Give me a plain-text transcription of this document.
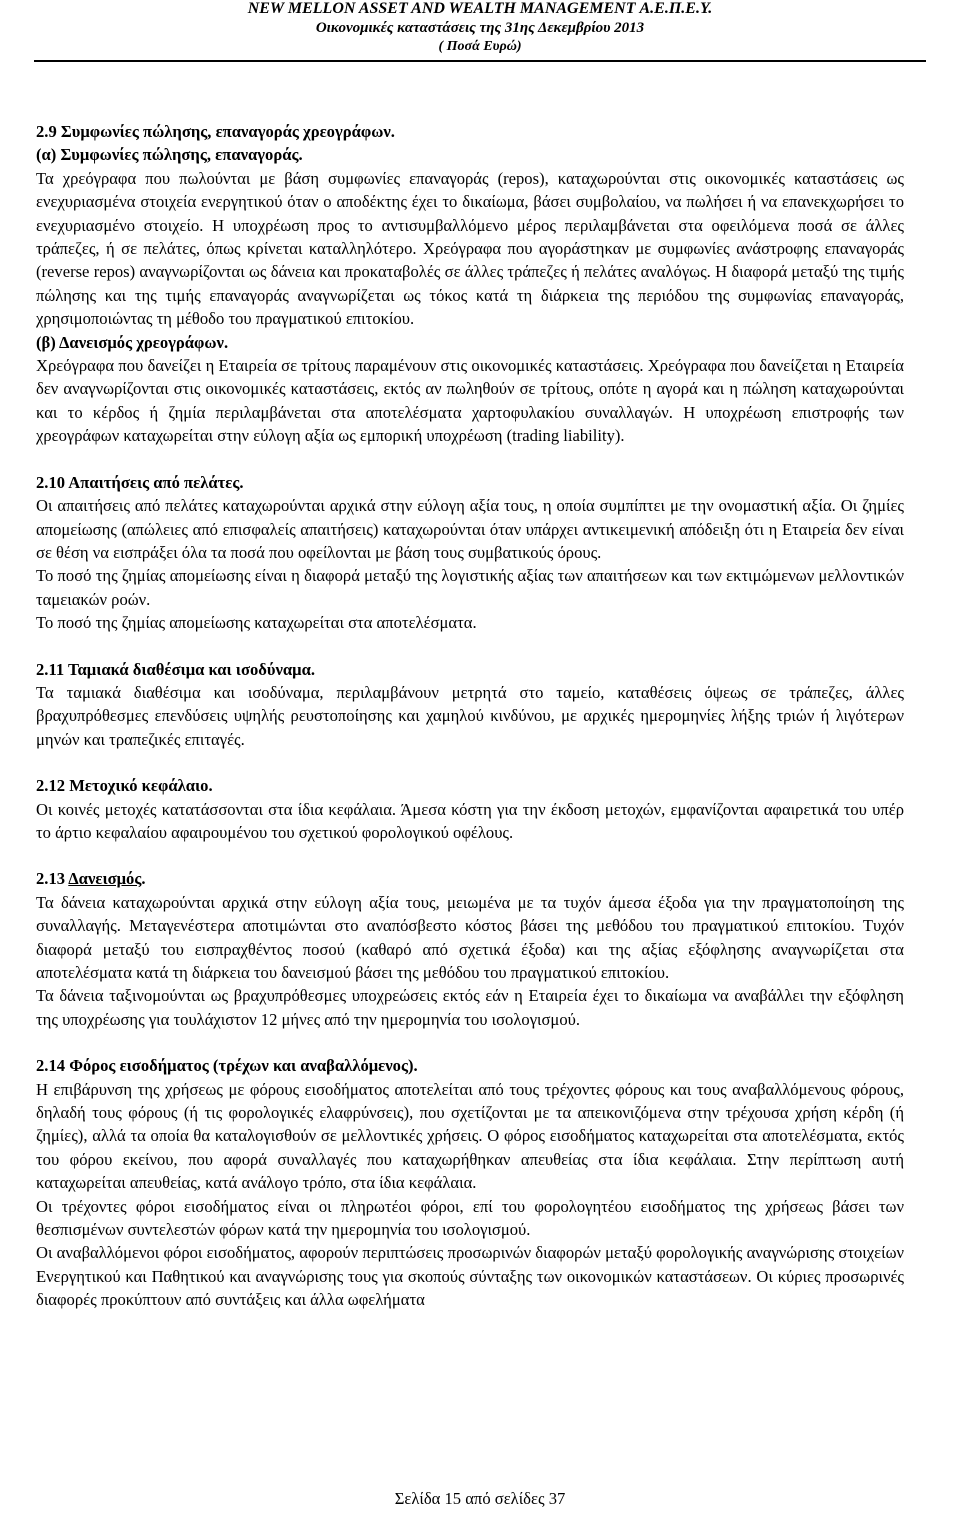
NEW MELLON ASSET AND WEALTH MANAGEMENT Α.Ε.Π.Ε.Υ.
Οικονομικές καταστάσεις της 31ης Δεκεμβρίου 2013
( Ποσά Ευρώ)

2.9 Συμφωνίες πώλησης, επαναγοράς χρεογράφων.

(α) Συμφωνίες πώλησης, επαναγοράς.

Τα χρεόγραφα που πωλούνται με βάση συμφωνίες επαναγοράς (repos), καταχωρούνται στις οικονομικές καταστάσεις ως ενεχυριασμένα στοιχεία ενεργητικού όταν ο αποδέκτης έχει το δικαίωμα, βάσει συμβολαίου, να πωλήσει ή να επανεκχωρήσει το ενεχυριασμένο στοιχείο. Η υποχρέωση προς το αντισυμβαλλόμενο μέρος περιλαμβάνεται στα οφειλόμενα ποσά σε άλλες τράπεζες, ή σε πελάτες, όπως κρίνεται καταλληλότερο. Χρεόγραφα που αγοράστηκαν με συμφωνίες ανάστροφης επαναγοράς (reverse repos) αναγνωρίζονται ως δάνεια και προκαταβολές σε άλλες τράπεζες ή πελάτες αναλόγως. Η διαφορά μεταξύ της τιμής πώλησης και της τιμής επαναγοράς αναγνωρίζεται ως τόκος κατά τη διάρκεια της περιόδου της συμφωνίας επαναγοράς, χρησιμοποιώντας τη μέθοδο του πραγματικού επιτοκίου.

(β) Δανεισμός χρεογράφων.

Χρεόγραφα που δανείζει η Εταιρεία σε τρίτους παραμένουν στις οικονομικές καταστάσεις. Χρεόγραφα που δανείζεται η Εταιρεία δεν αναγνωρίζονται στις οικονομικές καταστάσεις, εκτός αν πωληθούν σε τρίτους, οπότε η αγορά και η πώληση καταχωρούνται και το κέρδος ή ζημία περιλαμβάνεται στα αποτελέσματα χαρτοφυλακίου συναλλαγών. Η υποχρέωση επιστροφής των χρεογράφων καταχωρείται στην εύλογη αξία ως εμπορική υποχρέωση (trading liability).

2.10 Απαιτήσεις από πελάτες.

Οι απαιτήσεις από πελάτες καταχωρούνται αρχικά στην εύλογη αξία τους, η οποία συμπίπτει με την ονομαστική αξία. Οι ζημίες απομείωσης (απώλειες από επισφαλείς απαιτήσεις) καταχωρούνται όταν υπάρχει αντικειμενική απόδειξη ότι η Εταιρεία δεν είναι σε θέση να εισπράξει όλα τα ποσά που οφείλονται με βάση τους συμβατικούς όρους.

Το ποσό της ζημίας απομείωσης είναι η διαφορά μεταξύ της λογιστικής αξίας των απαιτήσεων και των εκτιμώμενων μελλοντικών ταμειακών ροών.

Το ποσό της ζημίας απομείωσης καταχωρείται στα αποτελέσματα.

2.11 Ταμιακά διαθέσιμα και ισοδύναμα.

Τα ταμιακά διαθέσιμα και ισοδύναμα, περιλαμβάνουν μετρητά στο ταμείο, καταθέσεις όψεως σε τράπεζες, άλλες βραχυπρόθεσμες επενδύσεις υψηλής ρευστοποίησης και χαμηλού κινδύνου, με αρχικές ημερομηνίες λήξης τριών ή λιγότερων μηνών και τραπεζικές επιταγές.

2.12 Μετοχικό κεφάλαιο.

Οι κοινές μετοχές κατατάσσονται στα ίδια κεφάλαια. Άμεσα κόστη για την έκδοση μετοχών, εμφανίζονται αφαιρετικά του υπέρ το άρτιο κεφαλαίου αφαιρουμένου του σχετικού φορολογικού οφέλους.

2.13 Δανεισμός.

Τα δάνεια καταχωρούνται αρχικά στην εύλογη αξία τους, μειωμένα με τα τυχόν άμεσα έξοδα για την πραγματοποίηση της συναλλαγής. Μεταγενέστερα αποτιμώνται στο αναπόσβεστο κόστος βάσει της μεθόδου του πραγματικού επιτοκίου. Τυχόν διαφορά μεταξύ του εισπραχθέντος ποσού (καθαρό από σχετικά έξοδα) και της αξίας εξόφλησης αναγνωρίζεται στα αποτελέσματα κατά τη διάρκεια του δανεισμού βάσει της μεθόδου του πραγματικού επιτοκίου.

Τα δάνεια ταξινομούνται ως βραχυπρόθεσμες υποχρεώσεις εκτός εάν η Εταιρεία έχει το δικαίωμα να αναβάλλει την εξόφληση της υποχρέωσης για τουλάχιστον 12 μήνες από την ημερομηνία του ισολογισμού.

2.14 Φόρος εισοδήματος (τρέχων και αναβαλλόμενος).

Η επιβάρυνση της χρήσεως με φόρους εισοδήματος αποτελείται από τους τρέχοντες φόρους και τους αναβαλλόμενους φόρους, δηλαδή τους φόρους (ή τις φορολογικές ελαφρύνσεις), που σχετίζονται με τα απεικονιζόμενα στην τρέχουσα χρήση κέρδη (ή ζημίες), αλλά τα οποία θα καταλογισθούν σε μελλοντικές χρήσεις. Ο φόρος εισοδήματος καταχωρείται στα αποτελέσματα, εκτός του φόρου εκείνου, που αφορά συναλλαγές που καταχωρήθηκαν απευθείας στα ίδια κεφάλαια. Στην περίπτωση αυτή καταχωρείται απευθείας, κατά ανάλογο τρόπο, στα ίδια κεφάλαια.

Οι τρέχοντες φόροι εισοδήματος είναι οι πληρωτέοι φόροι, επί του φορολογητέου εισοδήματος της χρήσεως βάσει των θεσπισμένων συντελεστών φόρων κατά την ημερομηνία του ισολογισμού.

Οι αναβαλλόμενοι φόροι εισοδήματος, αφορούν περιπτώσεις προσωρινών διαφορών μεταξύ φορολογικής αναγνώρισης στοιχείων Ενεργητικού και Παθητικού και αναγνώρισης τους για σκοπούς σύνταξης των οικονομικών καταστάσεων. Οι κύριες προσωρινές διαφορές προκύπτουν από συντάξεις και άλλα ωφελήματα

Σελίδα 15 από σελίδες 37
